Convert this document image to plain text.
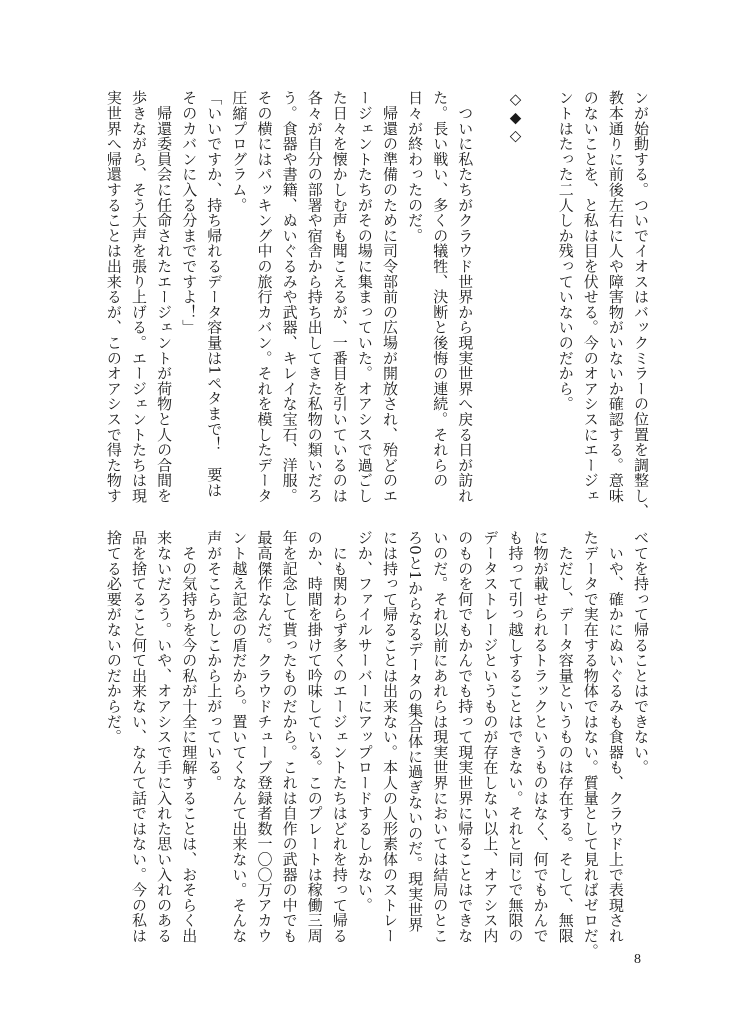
ンが始動する。ついでイオスはバックミラーの位置を調整し、
教本通りに前後左右に人や障害物がいないか確認する。意味
のないことを、と私は目を伏せる。今のオアシスにエージェ
ントはたった二人しか残っていないのだから。
◇◆◇
　ついに私たちがクラウド世界から現実世界へ戻る日が訪れ
た。長い戦い、多くの犠牲、決断と後悔の連続。それらの
日々が終わったのだ。
　帰還の準備のために司令部前の広場が開放され、殆どのエ
ージェントたちがその場に集まっていた。オアシスで過ごし
た日々を懐かしむ声も聞こえるが、一番目を引いているのは
各々が自分の部署や宿舎から持ち出してきた私物の類いだろ
う。食器や書籍、ぬいぐるみや武器、キレイな宝石、洋服。
その横にはパッキング中の旅行カバン。それを模したデータ
圧縮プログラム。
「いいですか、持ち帰れるデータ容量は1ペタまで！　要は
そのカバンに入る分までですよ！」
　帰還委員会に任命されたエージェントが荷物と人の合間を
歩きながら、そう大声を張り上げる。エージェントたちは現
実世界へ帰還することは出来るが、このオアシスで得た物す
べてを持って帰ることはできない。
　いや、確かにぬいぐるみも食器も、クラウド上で表現され
たデータで実在する物体ではない。質量として見ればゼロだ。
　ただし、データ容量というものは存在する。そして、無限
に物が載せられるトラックというものはなく、何でもかんで
も持って引っ越しすることはできない。それと同じで無限の
データストレージというものが存在しない以上、オアシス内
のものを何でもかんでも持って現実世界に帰ることはできな
いのだ。それ以前にあれらは現実世界においては結局のとこ
ろ0と1からなるデータの集合体に過ぎないのだ。現実世界
には持って帰ることは出来ない。本人の人形素体のストレー
ジか、ファイルサーバーにアップロードするしかない。
　にも関わらず多くのエージェントたちはどれを持って帰る
のか、時間を掛けて吟味している。このプレートは稼働三周
年を記念して貰ったものだから。これは自作の武器の中でも
最高傑作なんだ。クラウドチューブ登録者数一〇〇万アカウ
ント越え記念の盾だから。置いてくなんて出来ない。そんな
声がそこらかしこから上がっている。
　その気持ちを今の私が十全に理解することは、おそらく出
来ないだろう。いや、オアシスで手に入れた思い入れのある
品を捨てること何て出来ない、なんて話ではない。今の私は
捨てる必要がないのだからだ。
8
